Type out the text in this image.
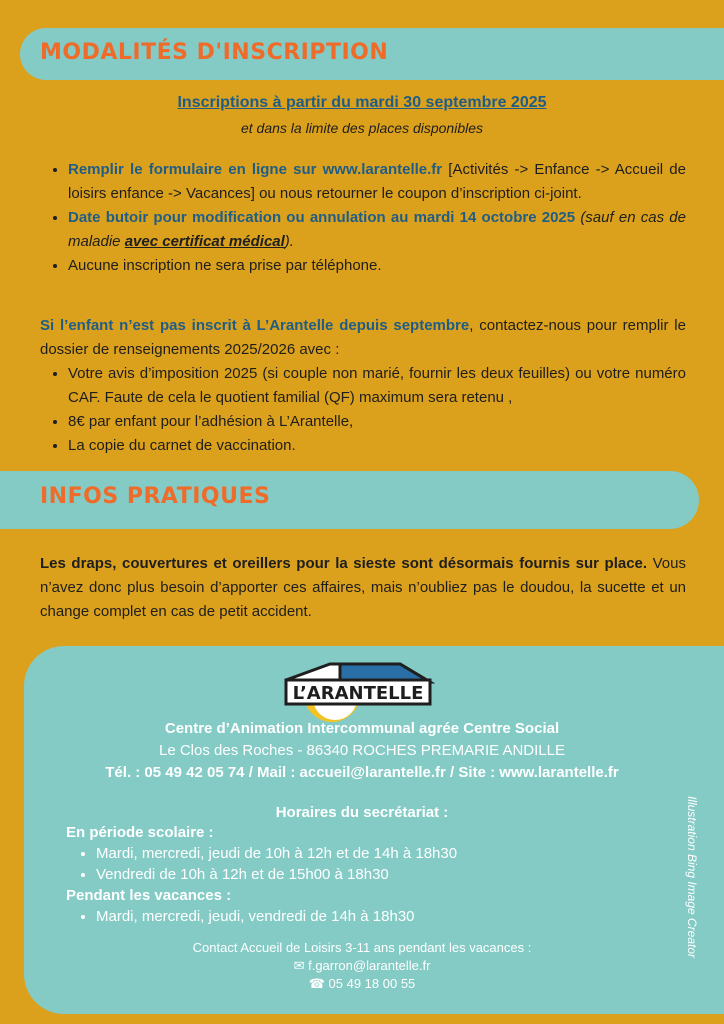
MODALITÉS D'INSCRIPTION
Inscriptions à partir du mardi 30 septembre 2025
et dans la limite des places disponibles
• Remplir le formulaire en ligne sur www.larantelle.fr [Activités -> Enfance -> Accueil de loisirs enfance -> Vacances] ou nous retourner le coupon d’inscription ci-joint.
• Date butoir pour modification ou annulation au mardi 14 octobre 2025 (sauf en cas de maladie avec certificat médical).
• Aucune inscription ne sera prise par téléphone.
Si l’enfant n’est pas inscrit à L’Arantelle depuis septembre, contactez-nous pour remplir le dossier de renseignements 2025/2026 avec :
• Votre avis d’imposition 2025 (si couple non marié, fournir les deux feuilles) ou votre numéro CAF. Faute de cela le quotient familial (QF) maximum sera retenu ,
• 8€ par enfant pour l’adhésion à L’Arantelle,
• La copie du carnet de vaccination.
INFOS PRATIQUES
Les draps, couvertures et oreillers pour la sieste sont désormais fournis sur place. Vous n’avez donc plus besoin d’apporter ces affaires, mais n’oubliez pas le doudou, la sucette et un change complet en cas de petit accident.
L’ARANTELLE
Centre d’Animation Intercommunal agrée Centre Social
Le Clos des Roches - 86340 ROCHES PREMARIE ANDILLE
Tél. : 05 49 42 05 74 / Mail : accueil@larantelle.fr / Site : www.larantelle.fr
Horaires du secrétariat :
En période scolaire :
• Mardi, mercredi, jeudi de 10h à 12h et de 14h à 18h30
• Vendredi de 10h à 12h et de 15h00 à 18h30
Pendant les vacances :
• Mardi, mercredi, jeudi, vendredi de 14h à 18h30
Contact Accueil de Loisirs 3-11 ans pendant les vacances :
✉ f.garron@larantelle.fr
☎ 05 49 18 00 55
Illustration Bing Image Creator
